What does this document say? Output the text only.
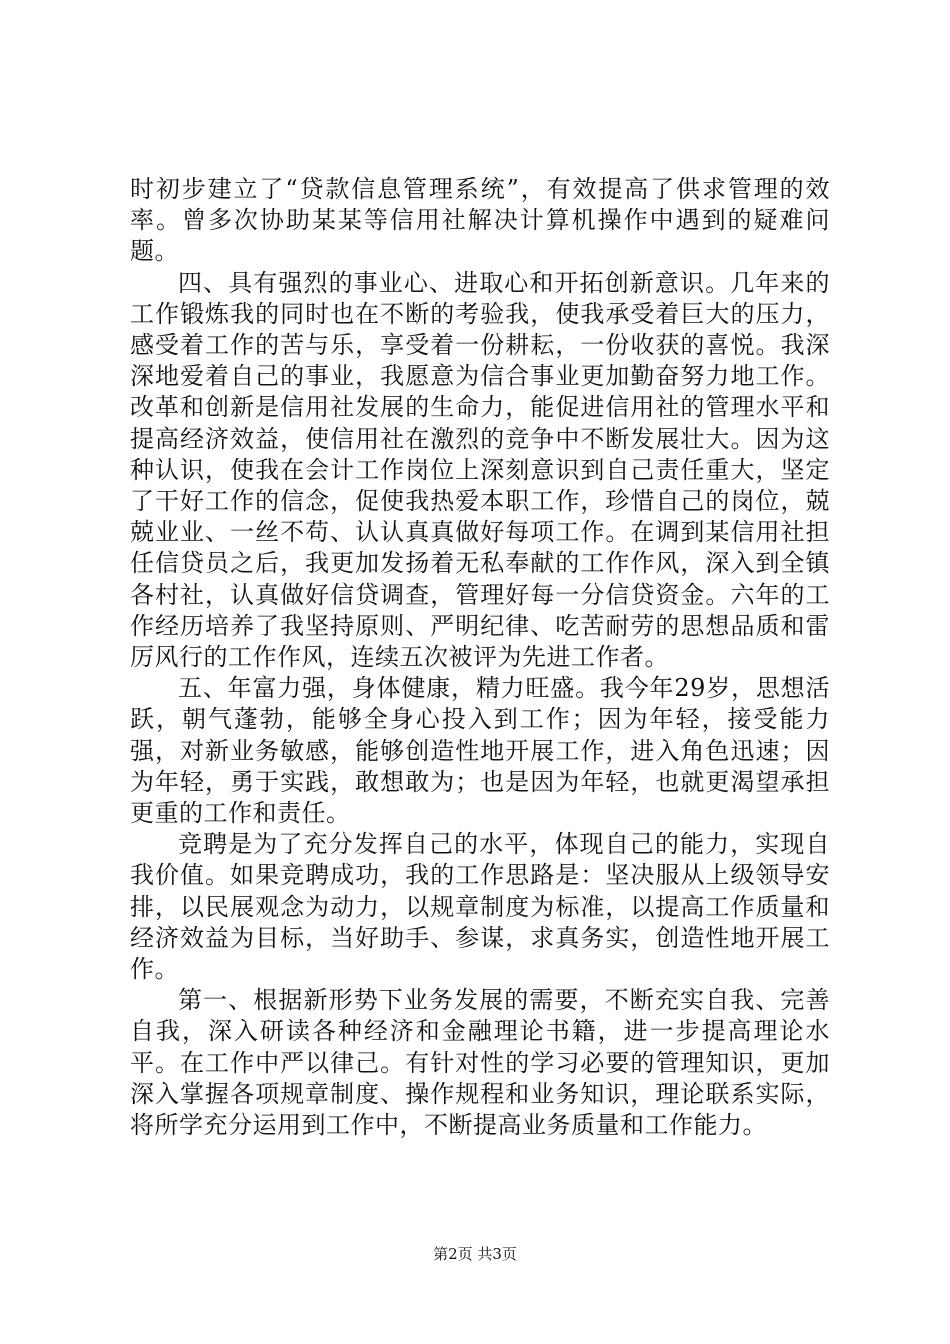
时初步建立了“贷款信息管理系统”，有效提高了供求管理的效率。曾多次协助某某等信用社解决计算机操作中遇到的疑难问题。

四、具有强烈的事业心、进取心和开拓创新意识。几年来的工作锻炼我的同时也在不断的考验我，使我承受着巨大的压力，感受着工作的苦与乐，享受着一份耕耘，一份收获的喜悦。我深深地爱着自己的事业，我愿意为信合事业更加勤奋努力地工作。改革和创新是信用社发展的生命力，能促进信用社的管理水平和提高经济效益，使信用社在激烈的竞争中不断发展壮大。因为这种认识，使我在会计工作岗位上深刻意识到自己责任重大，坚定了干好工作的信念，促使我热爱本职工作，珍惜自己的岗位，兢兢业业、一丝不苟、认认真真做好每项工作。在调到某信用社担任信贷员之后，我更加发扬着无私奉献的工作作风，深入到全镇各村社，认真做好信贷调查，管理好每一分信贷资金。六年的工作经历培养了我坚持原则、严明纪律、吃苦耐劳的思想品质和雷厉风行的工作作风，连续五次被评为先进工作者。

五、年富力强，身体健康，精力旺盛。我今年29岁，思想活跃，朝气蓬勃，能够全身心投入到工作；因为年轻，接受能力强，对新业务敏感，能够创造性地开展工作，进入角色迅速；因为年轻，勇于实践，敢想敢为；也是因为年轻，也就更渴望承担更重的工作和责任。

竞聘是为了充分发挥自己的水平，体现自己的能力，实现自我价值。如果竞聘成功，我的工作思路是：坚决服从上级领导安排，以民展观念为动力，以规章制度为标准，以提高工作质量和经济效益为目标，当好助手、参谋，求真务实，创造性地开展工作。

第一、根据新形势下业务发展的需要，不断充实自我、完善自我，深入研读各种经济和金融理论书籍，进一步提高理论水平。在工作中严以律己。有针对性的学习必要的管理知识，更加深入掌握各项规章制度、操作规程和业务知识，理论联系实际，将所学充分运用到工作中，不断提高业务质量和工作能力。

第2页 共3页
